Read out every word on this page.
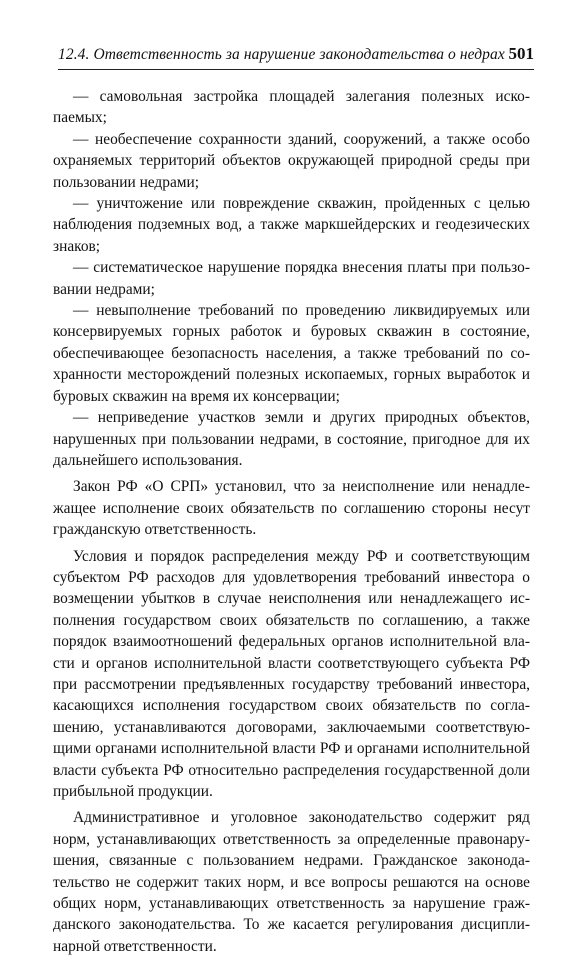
12.4. Ответственность за нарушение законодательства о недрах 501

— самовольная застройка площадей залегания полезных ископаемых;

— необеспечение сохранности зданий, сооружений, а также особо охраняемых территорий объектов окружающей природной среды при пользовании недрами;

— уничтожение или повреждение скважин, пройденных с целью наблюдения подземных вод, а также маркшейдерских и геодезических знаков;

— систематическое нарушение порядка внесения платы при пользовании недрами;

— невыполнение требований по проведению ликвидируемых или консервируемых горных работок и буровых скважин в состояние, обеспечивающее безопасность населения, а также требований по сохранности месторождений полезных ископаемых, горных выработок и буровых скважин на время их консервации;

— неприведение участков земли и других природных объектов, нарушенных при пользовании недрами, в состояние, пригодное для их дальнейшего использования.

Закон РФ «О СРП» установил, что за неисполнение или ненадлежащее исполнение своих обязательств по соглашению стороны несут гражданскую ответственность.

Условия и порядок распределения между РФ и соответствующим субъектом РФ расходов для удовлетворения требований инвестора о возмещении убытков в случае неисполнения или ненадлежащего исполнения государством своих обязательств по соглашению, а также порядок взаимоотношений федеральных органов исполнительной власти и органов исполнительной власти соответствующего субъекта РФ при рассмотрении предъявленных государству требований инвестора, касающихся исполнения государством своих обязательств по соглашению, устанавливаются договорами, заключаемыми соответствующими органами исполнительной власти РФ и органами исполнительной власти субъекта РФ относительно распределения государственной доли прибыльной продукции.

Административное и уголовное законодательство содержит ряд норм, устанавливающих ответственность за определенные правонарушения, связанные с пользованием недрами. Гражданское законодательство не содержит таких норм, и все вопросы решаются на основе общих норм, устанавливающих ответственность за нарушение гражданского законодательства. То же касается регулирования дисциплинарной ответственности.
